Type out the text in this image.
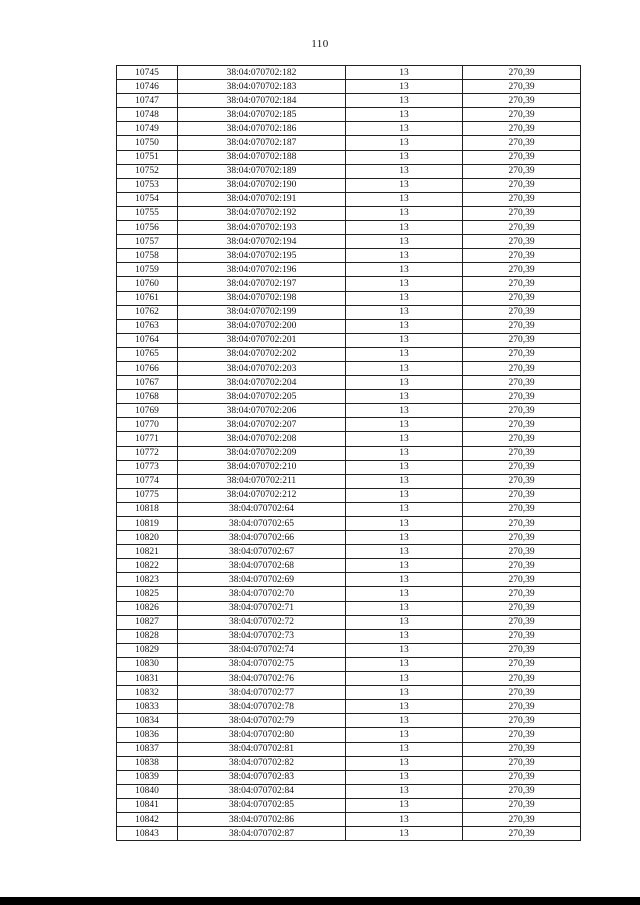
110
10745	38:04:070702:182	13	270,39
10746	38:04:070702:183	13	270,39
10747	38:04:070702:184	13	270,39
10748	38:04:070702:185	13	270,39
10749	38:04:070702:186	13	270,39
10750	38:04:070702:187	13	270,39
10751	38:04:070702:188	13	270,39
10752	38:04:070702:189	13	270,39
10753	38:04:070702:190	13	270,39
10754	38:04:070702:191	13	270,39
10755	38:04:070702:192	13	270,39
10756	38:04:070702:193	13	270,39
10757	38:04:070702:194	13	270,39
10758	38:04:070702:195	13	270,39
10759	38:04:070702:196	13	270,39
10760	38:04:070702:197	13	270,39
10761	38:04:070702:198	13	270,39
10762	38:04:070702:199	13	270,39
10763	38:04:070702:200	13	270,39
10764	38:04:070702:201	13	270,39
10765	38:04:070702:202	13	270,39
10766	38:04:070702:203	13	270,39
10767	38:04:070702:204	13	270,39
10768	38:04:070702:205	13	270,39
10769	38:04:070702:206	13	270,39
10770	38:04:070702:207	13	270,39
10771	38:04:070702:208	13	270,39
10772	38:04:070702:209	13	270,39
10773	38:04:070702:210	13	270,39
10774	38:04:070702:211	13	270,39
10775	38:04:070702:212	13	270,39
10818	38:04:070702:64	13	270,39
10819	38:04:070702:65	13	270,39
10820	38:04:070702:66	13	270,39
10821	38:04:070702:67	13	270,39
10822	38:04:070702:68	13	270,39
10823	38:04:070702:69	13	270,39
10825	38:04:070702:70	13	270,39
10826	38:04:070702:71	13	270,39
10827	38:04:070702:72	13	270,39
10828	38:04:070702:73	13	270,39
10829	38:04:070702:74	13	270,39
10830	38:04:070702:75	13	270,39
10831	38:04:070702:76	13	270,39
10832	38:04:070702:77	13	270,39
10833	38:04:070702:78	13	270,39
10834	38:04:070702:79	13	270,39
10836	38:04:070702:80	13	270,39
10837	38:04:070702:81	13	270,39
10838	38:04:070702:82	13	270,39
10839	38:04:070702:83	13	270,39
10840	38:04:070702:84	13	270,39
10841	38:04:070702:85	13	270,39
10842	38:04:070702:86	13	270,39
10843	38:04:070702:87	13	270,39
